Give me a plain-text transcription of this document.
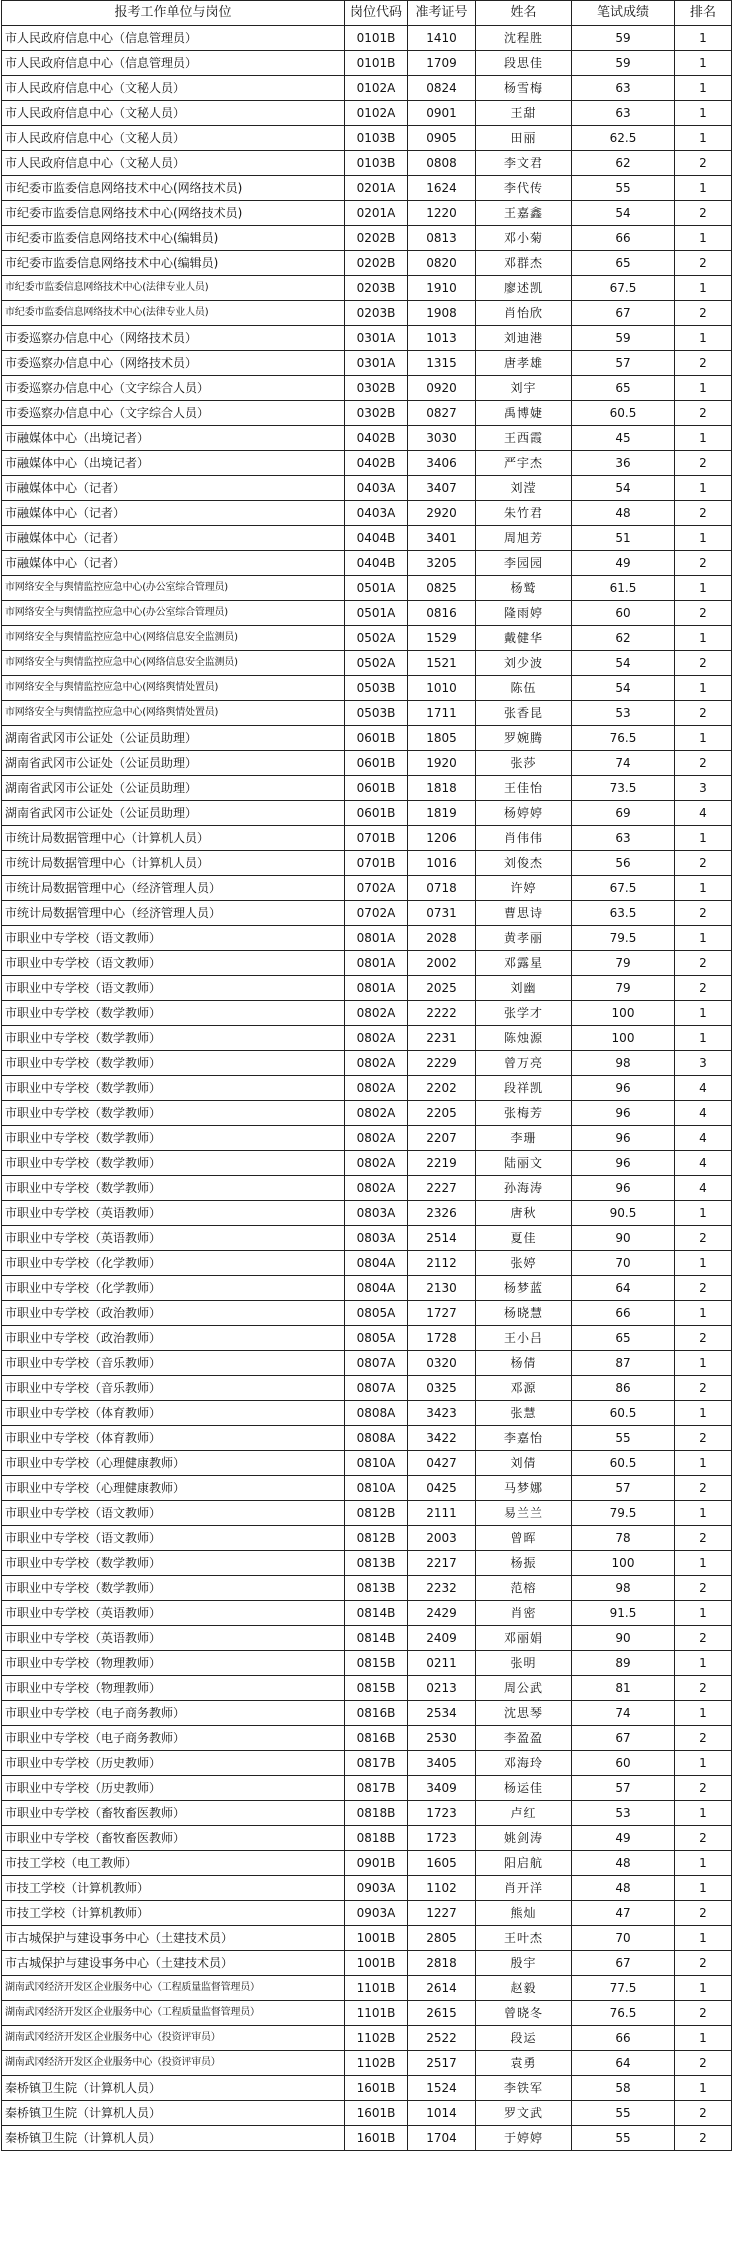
报考工作单位与岗位	岗位代码	准考证号	姓名	笔试成绩	排名
市人民政府信息中心（信息管理员）	0101B	1410	沈程胜	59	1
市人民政府信息中心（信息管理员）	0101B	1709	段思佳	59	1
市人民政府信息中心（文秘人员）	0102A	0824	杨雪梅	63	1
市人民政府信息中心（文秘人员）	0102A	0901	王甜	63	1
市人民政府信息中心（文秘人员）	0103B	0905	田丽	62.5	1
市人民政府信息中心（文秘人员）	0103B	0808	李文君	62	2
市纪委市监委信息网络技术中心(网络技术员)	0201A	1624	李代传	55	1
市纪委市监委信息网络技术中心(网络技术员)	0201A	1220	王嘉鑫	54	2
市纪委市监委信息网络技术中心(编辑员)	0202B	0813	邓小菊	66	1
市纪委市监委信息网络技术中心(编辑员)	0202B	0820	邓群杰	65	2
市纪委市监委信息网络技术中心(法律专业人员)	0203B	1910	廖述凯	67.5	1
市纪委市监委信息网络技术中心(法律专业人员)	0203B	1908	肖怡欣	67	2
市委巡察办信息中心（网络技术员）	0301A	1013	刘迪港	59	1
市委巡察办信息中心（网络技术员）	0301A	1315	唐孝雄	57	2
市委巡察办信息中心（文字综合人员）	0302B	0920	刘宇	65	1
市委巡察办信息中心（文字综合人员）	0302B	0827	禹博婕	60.5	2
市融媒体中心（出境记者）	0402B	3030	王西霞	45	1
市融媒体中心（出境记者）	0402B	3406	严宇杰	36	2
市融媒体中心（记者）	0403A	3407	刘滢	54	1
市融媒体中心（记者）	0403A	2920	朱竹君	48	2
市融媒体中心（记者）	0404B	3401	周旭芳	51	1
市融媒体中心（记者）	0404B	3205	李园园	49	2
市网络安全与舆情监控应急中心(办公室综合管理员)	0501A	0825	杨鹫	61.5	1
市网络安全与舆情监控应急中心(办公室综合管理员)	0501A	0816	隆雨婷	60	2
市网络安全与舆情监控应急中心(网络信息安全监测员)	0502A	1529	戴健华	62	1
市网络安全与舆情监控应急中心(网络信息安全监测员)	0502A	1521	刘少波	54	2
市网络安全与舆情监控应急中心(网络舆情处置员)	0503B	1010	陈伍	54	1
市网络安全与舆情监控应急中心(网络舆情处置员)	0503B	1711	张香昆	53	2
湖南省武冈市公证处（公证员助理）	0601B	1805	罗婉腾	76.5	1
湖南省武冈市公证处（公证员助理）	0601B	1920	张莎	74	2
湖南省武冈市公证处（公证员助理）	0601B	1818	王佳怡	73.5	3
湖南省武冈市公证处（公证员助理）	0601B	1819	杨婷婷	69	4
市统计局数据管理中心（计算机人员）	0701B	1206	肖伟伟	63	1
市统计局数据管理中心（计算机人员）	0701B	1016	刘俊杰	56	2
市统计局数据管理中心（经济管理人员）	0702A	0718	许婷	67.5	1
市统计局数据管理中心（经济管理人员）	0702A	0731	曹思诗	63.5	2
市职业中专学校（语文教师）	0801A	2028	黄孝丽	79.5	1
市职业中专学校（语文教师）	0801A	2002	邓露星	79	2
市职业中专学校（语文教师）	0801A	2025	刘幽	79	2
市职业中专学校（数学教师）	0802A	2222	张学才	100	1
市职业中专学校（数学教师）	0802A	2231	陈烛源	100	1
市职业中专学校（数学教师）	0802A	2229	曾万亮	98	3
市职业中专学校（数学教师）	0802A	2202	段祥凯	96	4
市职业中专学校（数学教师）	0802A	2205	张梅芳	96	4
市职业中专学校（数学教师）	0802A	2207	李珊	96	4
市职业中专学校（数学教师）	0802A	2219	陆丽文	96	4
市职业中专学校（数学教师）	0802A	2227	孙海涛	96	4
市职业中专学校（英语教师）	0803A	2326	唐秋	90.5	1
市职业中专学校（英语教师）	0803A	2514	夏佳	90	2
市职业中专学校（化学教师）	0804A	2112	张婷	70	1
市职业中专学校（化学教师）	0804A	2130	杨梦蓝	64	2
市职业中专学校（政治教师）	0805A	1727	杨晓慧	66	1
市职业中专学校（政治教师）	0805A	1728	王小吕	65	2
市职业中专学校（音乐教师）	0807A	0320	杨倩	87	1
市职业中专学校（音乐教师）	0807A	0325	邓源	86	2
市职业中专学校（体育教师）	0808A	3423	张慧	60.5	1
市职业中专学校（体育教师）	0808A	3422	李嘉怡	55	2
市职业中专学校（心理健康教师）	0810A	0427	刘倩	60.5	1
市职业中专学校（心理健康教师）	0810A	0425	马梦娜	57	2
市职业中专学校（语文教师）	0812B	2111	易兰兰	79.5	1
市职业中专学校（语文教师）	0812B	2003	曾晖	78	2
市职业中专学校（数学教师）	0813B	2217	杨振	100	1
市职业中专学校（数学教师）	0813B	2232	范榕	98	2
市职业中专学校（英语教师）	0814B	2429	肖密	91.5	1
市职业中专学校（英语教师）	0814B	2409	邓丽娟	90	2
市职业中专学校（物理教师）	0815B	0211	张明	89	1
市职业中专学校（物理教师）	0815B	0213	周公武	81	2
市职业中专学校（电子商务教师）	0816B	2534	沈思琴	74	1
市职业中专学校（电子商务教师）	0816B	2530	李盈盈	67	2
市职业中专学校（历史教师）	0817B	3405	邓海玲	60	1
市职业中专学校（历史教师）	0817B	3409	杨运佳	57	2
市职业中专学校（畜牧畜医教师）	0818B	1723	卢红	53	1
市职业中专学校（畜牧畜医教师）	0818B	1723	姚剑涛	49	2
市技工学校（电工教师）	0901B	1605	阳启航	48	1
市技工学校（计算机教师）	0903A	1102	肖开洋	48	1
市技工学校（计算机教师）	0903A	1227	熊灿	47	2
市古城保护与建设事务中心（土建技术员）	1001B	2805	王叶杰	70	1
市古城保护与建设事务中心（土建技术员）	1001B	2818	殷宇	67	2
湖南武冈经济开发区企业服务中心（工程质量监督管理员）	1101B	2614	赵毅	77.5	1
湖南武冈经济开发区企业服务中心（工程质量监督管理员）	1101B	2615	曾晓冬	76.5	2
湖南武冈经济开发区企业服务中心（投资评审员）	1102B	2522	段运	66	1
湖南武冈经济开发区企业服务中心（投资评审员）	1102B	2517	袁勇	64	2
秦桥镇卫生院（计算机人员）	1601B	1524	李铁军	58	1
秦桥镇卫生院（计算机人员）	1601B	1014	罗文武	55	2
秦桥镇卫生院（计算机人员）	1601B	1704	于婷婷	55	2
